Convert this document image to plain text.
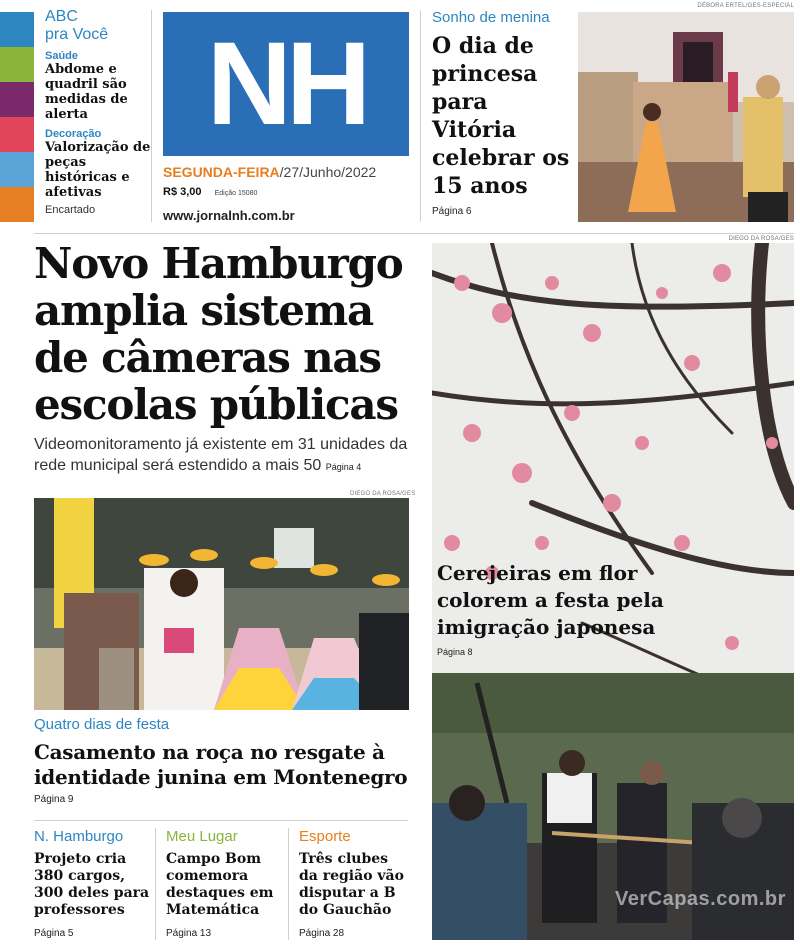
ABC
pra Você
Saúde
Abdome e quadril são medidas de alerta
Decoração
Valorização de peças históricas e afetivas
Encartado
NH
SEGUNDA-FEIRA/27/Junho/2022
R$ 3,00 Edição 15080
www.jornalnh.com.br
Sonho de menina
O dia de princesa para Vitória celebrar os 15 anos
Página 6
DÉBORA ERTEL/GES-ESPECIAL
Novo Hamburgo amplia sistema de câmeras nas escolas públicas
Videomonitoramento já existente em 31 unidades da rede municipal será estendido a mais 50 Página 4
DIEGO DA ROSA/GES
Quatro dias de festa
Casamento na roça no resgate à identidade junina em Montenegro
Página 9
N. Hamburgo
Projeto cria 380 cargos, 300 deles para professores
Página 5
Meu Lugar
Campo Bom comemora destaques em Matemática
Página 13
Esporte
Três clubes da região vão disputar a B do Gauchão
Página 28
DIEGO DA ROSA/GES
Cerejeiras em flor colorem a festa pela imigração japonesa
Página 8
VerCapas.com.br
